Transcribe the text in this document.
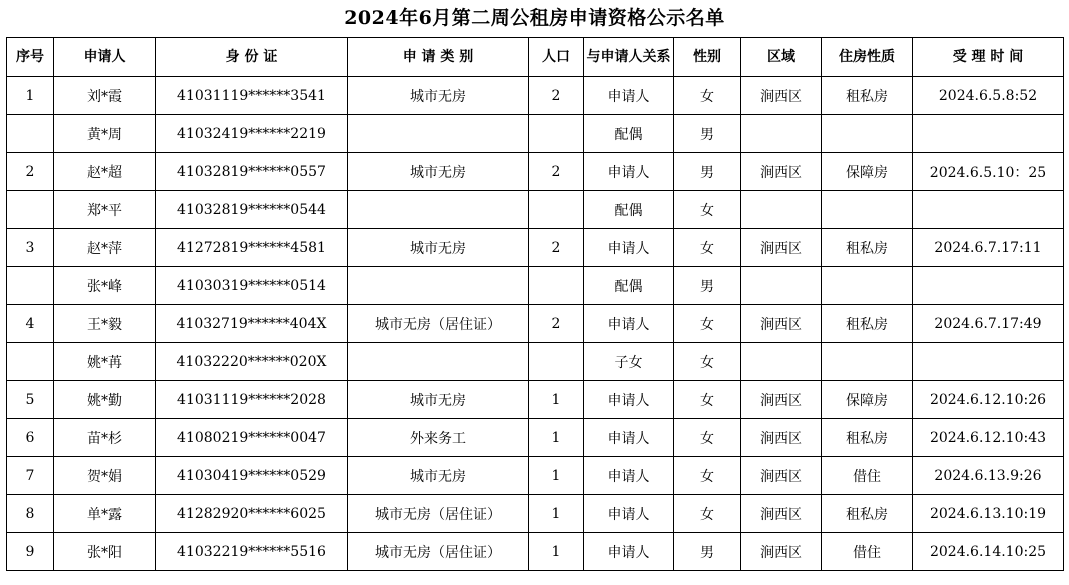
2024年6月第二周公租房申请资格公示名单
序号	申请人	身 份 证	申 请 类 别	人口	与申请人关系	性别	区域	住房性质	受 理 时 间
1	刘*霞	41031119******3541	城市无房	2	申请人	女	涧西区	租私房	2024.6.5.8:52
	黄*周	41032419******2219			配偶	男			
2	赵*超	41032819******0557	城市无房	2	申请人	男	涧西区	保障房	2024.6.5.10：25
	郑*平	41032819******0544			配偶	女			
3	赵*萍	41272819******4581	城市无房	2	申请人	女	涧西区	租私房	2024.6.7.17:11
	张*峰	41030319******0514			配偶	男			
4	王*毅	41032719******404X	城市无房（居住证）	2	申请人	女	涧西区	租私房	2024.6.7.17:49
	姚*苒	41032220******020X			子女	女			
5	姚*勤	41031119******2028	城市无房	1	申请人	女	涧西区	保障房	2024.6.12.10:26
6	苗*杉	41080219******0047	外来务工	1	申请人	女	涧西区	租私房	2024.6.12.10:43
7	贺*娟	41030419******0529	城市无房	1	申请人	女	涧西区	借住	2024.6.13.9:26
8	单*露	41282920******6025	城市无房（居住证）	1	申请人	女	涧西区	租私房	2024.6.13.10:19
9	张*阳	41032219******5516	城市无房（居住证）	1	申请人	男	涧西区	借住	2024.6.14.10:25
